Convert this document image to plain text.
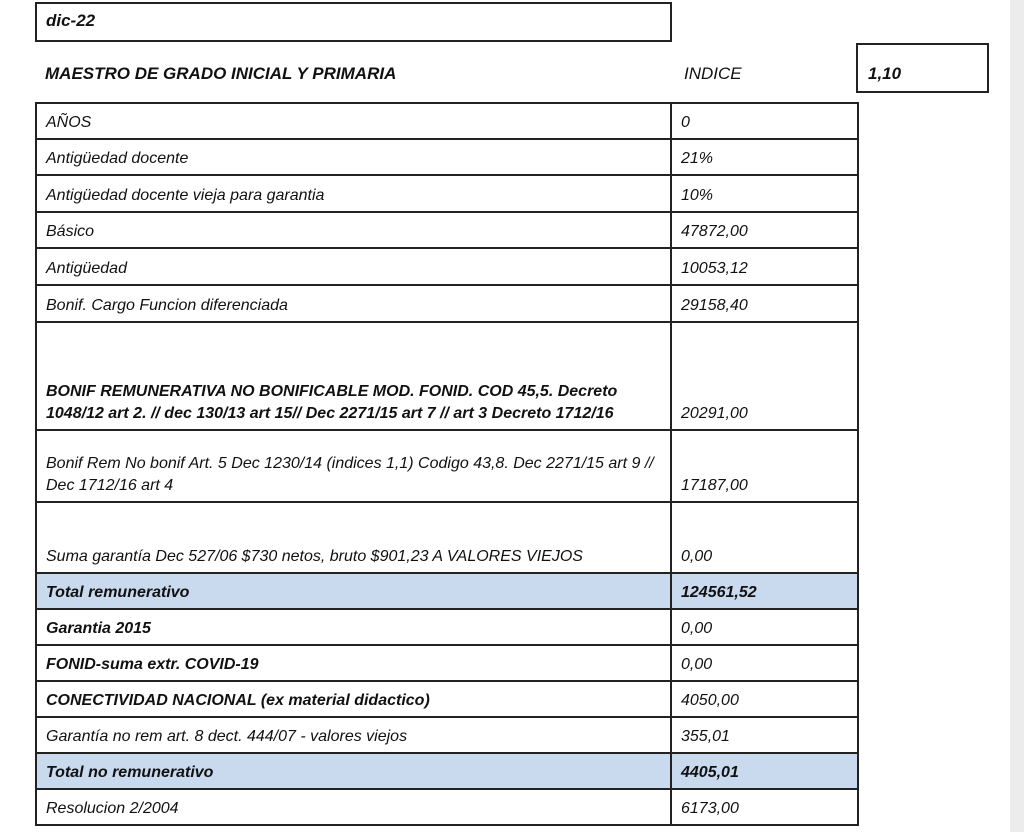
dic-22
MAESTRO DE GRADO INICIAL Y PRIMARIA	INDICE	1,10
AÑOS	0
Antigüedad docente	21%
Antigüedad docente vieja para garantia	10%
Básico	47872,00
Antigüedad	10053,12
Bonif. Cargo Funcion diferenciada	29158,40
BONIF REMUNERATIVA NO BONIFICABLE MOD. FONID. COD 45,5. Decreto 1048/12 art 2. // dec 130/13 art 15// Dec 2271/15 art 7 // art 3 Decreto 1712/16	20291,00
Bonif Rem No bonif Art. 5 Dec 1230/14 (indices 1,1) Codigo 43,8. Dec 2271/15 art 9 // Dec 1712/16 art 4	17187,00
Suma garantía Dec 527/06 $730 netos, bruto $901,23 A VALORES VIEJOS	0,00
Total remunerativo	124561,52
Garantia 2015	0,00
FONID-suma extr. COVID-19	0,00
CONECTIVIDAD NACIONAL (ex material didactico)	4050,00
Garantía no rem art. 8 dect. 444/07 - valores viejos	355,01
Total no remunerativo	4405,01
Resolucion 2/2004	6173,00
